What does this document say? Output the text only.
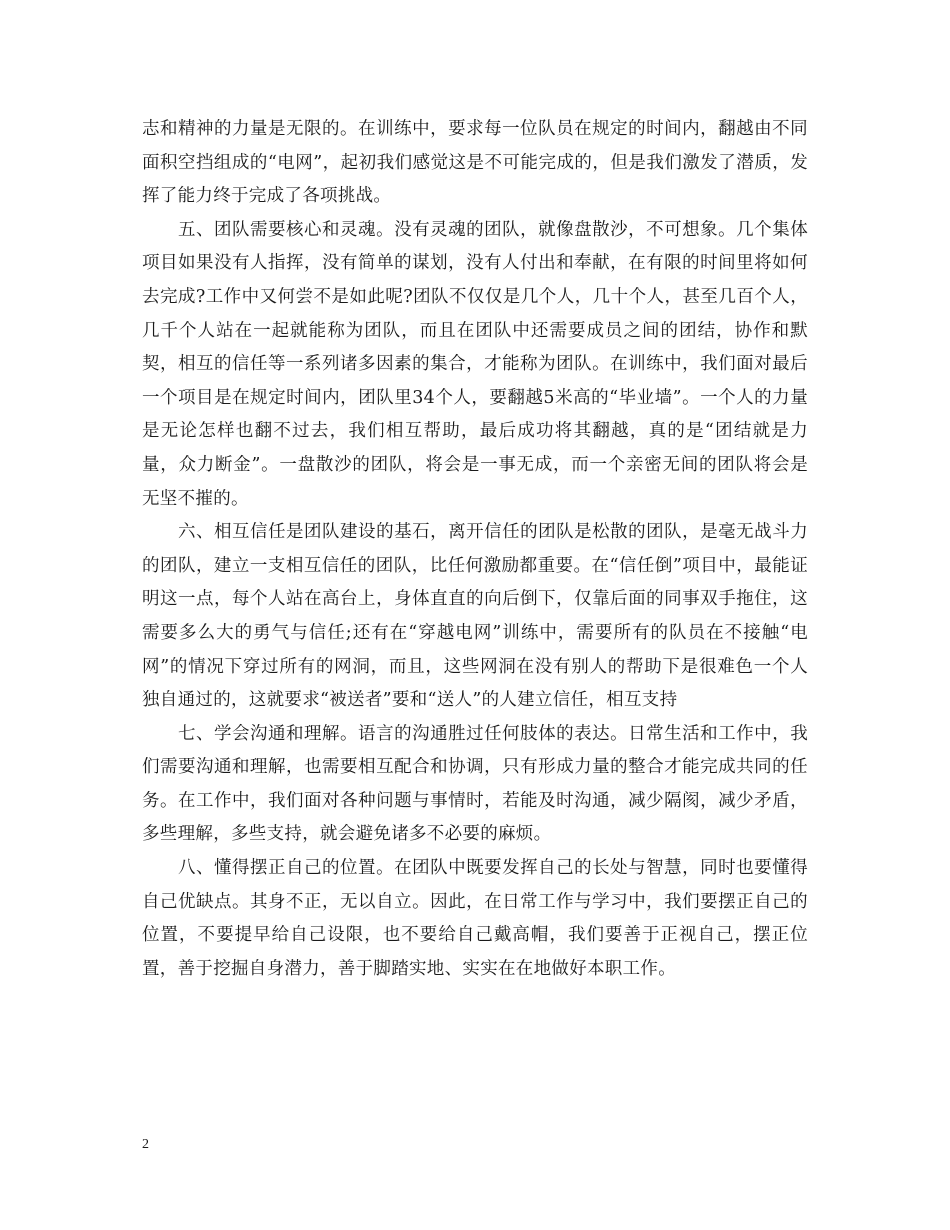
志和精神的力量是无限的。在训练中，要求每一位队员在规定的时间内，翻越由不同面积空挡组成的“电网”，起初我们感觉这是不可能完成的，但是我们激发了潜质，发挥了能力终于完成了各项挑战。

五、团队需要核心和灵魂。没有灵魂的团队，就像盘散沙，不可想象。几个集体项目如果没有人指挥，没有简单的谋划，没有人付出和奉献，在有限的时间里将如何去完成?工作中又何尝不是如此呢?团队不仅仅是几个人，几十个人，甚至几百个人，几千个人站在一起就能称为团队，而且在团队中还需要成员之间的团结，协作和默契，相互的信任等一系列诸多因素的集合，才能称为团队。在训练中，我们面对最后一个项目是在规定时间内，团队里34个人，要翻越5米高的“毕业墙”。一个人的力量是无论怎样也翻不过去，我们相互帮助，最后成功将其翻越，真的是“团结就是力量，众力断金”。一盘散沙的团队，将会是一事无成，而一个亲密无间的团队将会是无坚不摧的。

六、相互信任是团队建设的基石，离开信任的团队是松散的团队，是毫无战斗力的团队，建立一支相互信任的团队，比任何激励都重要。在“信任倒”项目中，最能证明这一点，每个人站在高台上，身体直直的向后倒下，仅靠后面的同事双手拖住，这需要多么大的勇气与信任;还有在“穿越电网”训练中，需要所有的队员在不接触“电网”的情况下穿过所有的网洞，而且，这些网洞在没有别人的帮助下是很难色一个人独自通过的，这就要求“被送者”要和“送人”的人建立信任，相互支持

七、学会沟通和理解。语言的沟通胜过任何肢体的表达。日常生活和工作中，我们需要沟通和理解，也需要相互配合和协调，只有形成力量的整合才能完成共同的任务。在工作中，我们面对各种问题与事情时，若能及时沟通，减少隔阂，减少矛盾，多些理解，多些支持，就会避免诸多不必要的麻烦。

八、懂得摆正自己的位置。在团队中既要发挥自己的长处与智慧，同时也要懂得自己优缺点。其身不正，无以自立。因此，在日常工作与学习中，我们要摆正自己的位置，不要提早给自己设限，也不要给自己戴高帽，我们要善于正视自己，摆正位置，善于挖掘自身潜力，善于脚踏实地、实实在在地做好本职工作。

2
